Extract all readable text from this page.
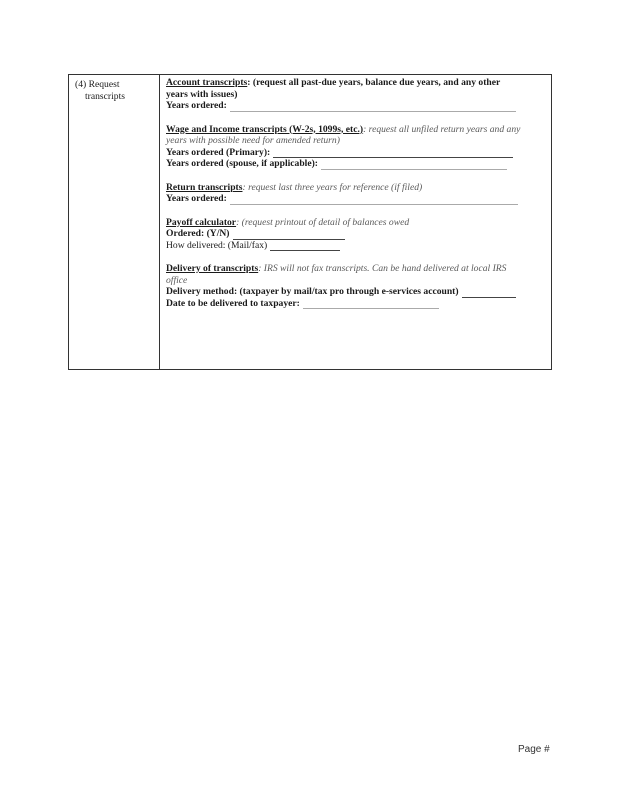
(4) Request
transcripts
Account transcripts: (request all past-due years, balance due years, and any other
years with issues)
Years ordered:
Wage and Income transcripts (W-2s, 1099s, etc.): request all unfiled return years and any
years with possible need for amended return)
Years ordered (Primary):
Years ordered (spouse, if applicable):
Return transcripts: request last three years for reference (if filed)
Years ordered:
Payoff calculator: (request printout of detail of balances owed
Ordered: (Y/N)
How delivered: (Mail/fax)
Delivery of transcripts: IRS will not fax transcripts. Can be hand delivered at local IRS
office
Delivery method: (taxpayer by mail/tax pro through e-services account)
Date to be delivered to taxpayer:
Page #
